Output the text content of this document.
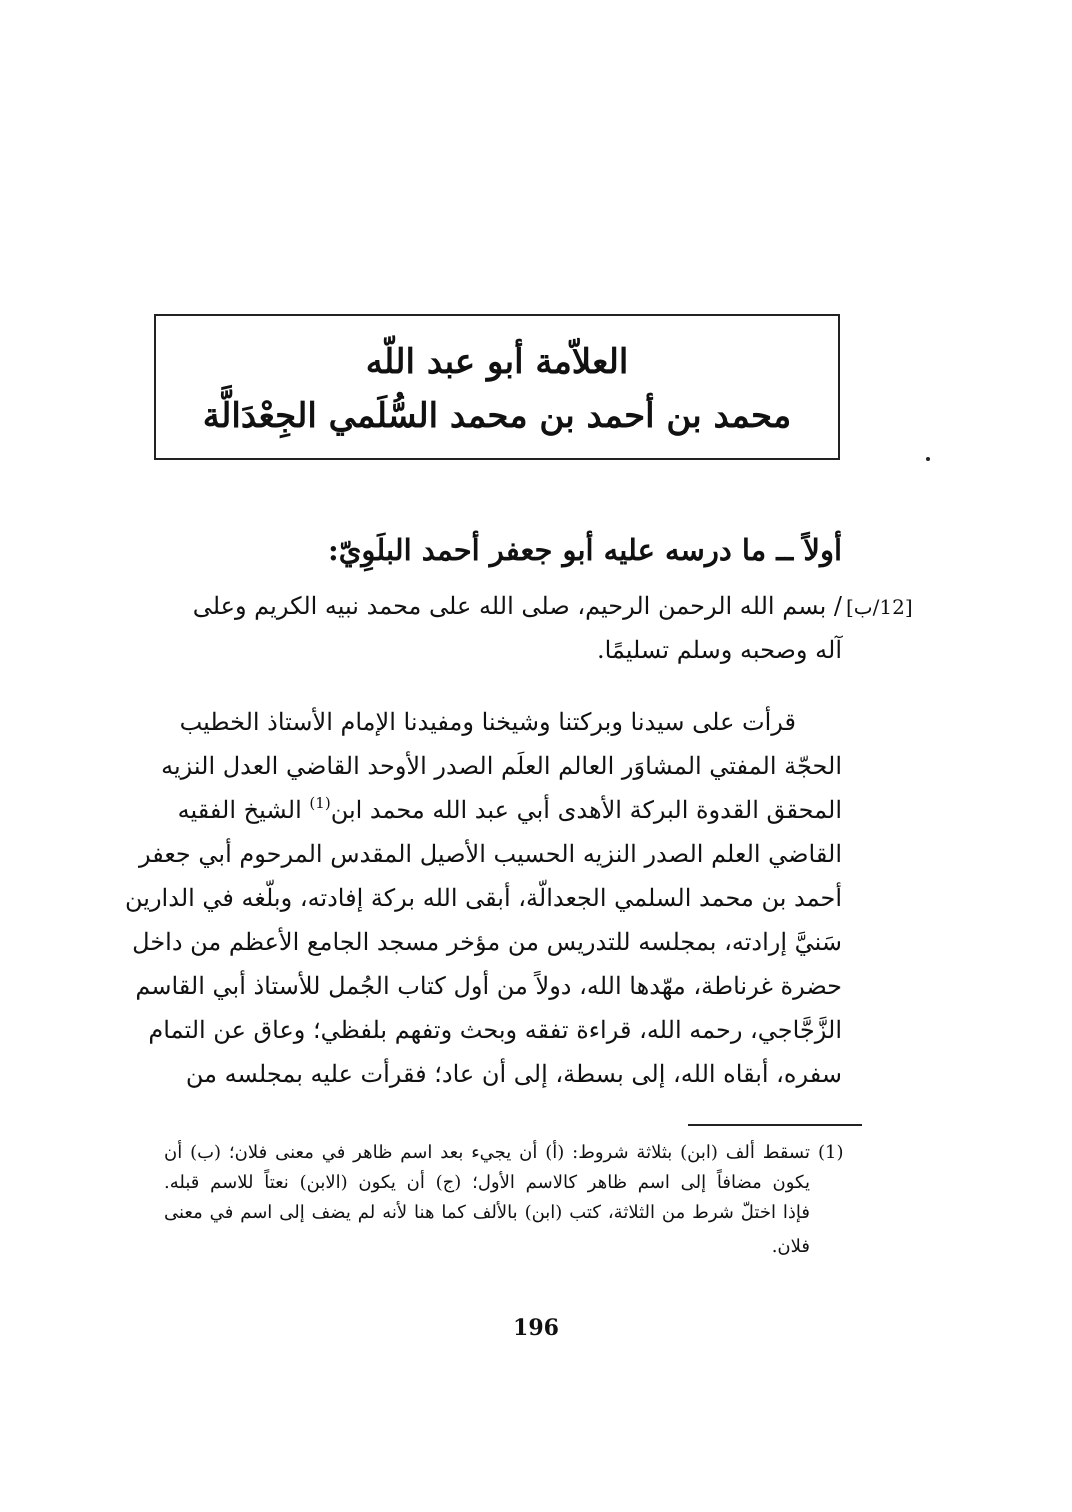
العلاّمة أبو عبد اللّه
محمد بن أحمد بن محمد السُّلَمي الجِعْدَالَّة
أولاً ــ ما درسه عليه أبو جعفر أحمد البلَوِيّ:
[12/ب]
/ بسم الله الرحمن الرحيم، صلى الله على محمد نبيه الكريم وعلى
آله وصحبه وسلم تسليمًا.
قرأت على سيدنا وبركتنا وشيخنا ومفيدنا الإمام الأستاذ الخطيب
الحجّة المفتي المشاوَر العالم العلَم الصدر الأوحد القاضي العدل النزيه
المحقق القدوة البركة الأهدى أبي عبد الله محمد ابن$^{(1)}$ الشيخ الفقيه
القاضي العلم الصدر النزيه الحسيب الأصيل المقدس المرحوم أبي جعفر
أحمد بن محمد السلمي الجعدالّة، أبقى الله بركة إفادته، وبلّغه في الدارين
سَنيَّ إرادته، بمجلسه للتدريس من مؤخر مسجد الجامع الأعظم من داخل
حضرة غرناطة، مهّدها الله، دولاً من أول كتاب الجُمل للأستاذ أبي القاسم
الزَّجَّاجي، رحمه الله، قراءة تفقه وبحث وتفهم بلفظي؛ وعاق عن التمام
سفره، أبقاه الله، إلى بسطة، إلى أن عاد؛ فقرأت عليه بمجلسه من
(1)
تسقط ألف (ابن) بثلاثة شروط: (أ) أن يجيء بعد اسم ظاهر في معنى فلان؛ (ب) أن
يكون مضافاً إلى اسم ظاهر كالاسم الأول؛ (ج) أن يكون (الابن) نعتاً للاسم قبله.
فإذا اختلّ شرط من الثلاثة، كتب (ابن) بالألف كما هنا لأنه لم يضف إلى اسم في معنى
فلان.
196
